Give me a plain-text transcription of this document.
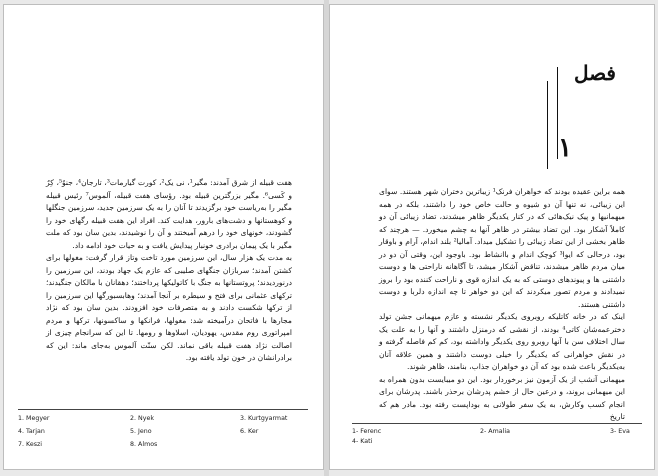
هفت قبیله از شرق آمدند: مگیر¹، نی یک²، کورت گیارمات³، تارجان⁴، جنوٌ⁵، کِرٌ و کَسی⁶. مگیر بزرگترین قبیله بود. رؤسای هفت قبیله، آلموس⁷ رئیس قبیله مگیر را به‌ریاست خود برگزیدند تا آنان را به یک سرزمین جدید، سرزمین جنگلها و کوهستانها و دشت‌های بارور، هدایت کند. افراد این هفت قبیله رگهای خود را گشودند، خونهای خود را درهم آمیختند و آن را نوشیدند، بدین سان بود که ملت مگیر با یک پیمان برادری خونبار پیدایش یافت و به حیات خود ادامه داد.

به مدت یک هزار سال، این سرزمین مورد تاخت وتاز قرار گرفت: مغولها برای کشتن آمدند؛ سربازان جنگهای صلیبی که عازم یک جهاد بودند، این سرزمین را درنوردیدند؛ پروتستانها به جنگ با کاتولیکها پرداختند؛ دهقانان با مالکان جنگیدند؛ ترکهای عثمانی برای فتح و سیطره بر آنجا آمدند؛ وهابسبورگها این سرزمین را از ترکها شکست دادند و به متصرفات خود افزودند. بدین سان بود که نژاد مجارها با فاتحان درآمیخته شد: مغولها، فرانکها و ساکسونها، ترکها و مردم امپراتوری روم مقدس، یهودیان، اسلاوها و رومها. تا این که سرانجام چیزی از اصالت نژاد هفت قبیله باقی نماند. لکن سنّت آلموس به‌جای ماند: این که برادرانشان در خون تولد یافته بود.

1. Megyer	2. Nyek	3. Kurtgyarmat
4. Tarjan	5. Jeno	6. Ker
7. Keszi	8. Almos
فصل
١

همه براین عقیده بودند که خواهران فرنک¹ زیباترین دختران شهر هستند. سوای این زیبائی، نه تنها آن دو شیوه و حالت خاص خود را داشتند، بلکه در همه میهمانیها و پیک نیک‌هائی که در کنار یکدیگر ظاهر میشدند، تضاد زیبائی آن دو کاملاً آشکار بود. این تضاد بیشتر در ظاهر آنها به چشم میخورد. — هرچند که ظاهر بخشی از این تضاد زیبائی را تشکیل میداد. آمالیا² بلند اندام، آرام و باوقار بود، درحالی که ایوا³ کوچک اندام و باانشاط بود. باوجود این، وقتی آن دو در میان مردم ظاهر میشدند، تناقض آشکار میشد، تا آگاهانه ناراحتی ها و دوست داشتنی ها و پیوندهای دوستی که به یک اندازه قوی و ناراحت کننده بود را بروز نمیدادند و مردم تصور میکردند که این دو خواهر تا چه اندازه دلربا و دوست داشتنی هستند.

اینک که در خانه کاتلیکه روبروی یکدیگر نشسته و عازم میهمانی جشن تولد دخترعمه‌شان کاتی⁴ بودند، از نقشی که درمنزل داشتند و آنها را به علت یک سال اختلاف سن با آنها روبرو روی یکدیگر واداشته بود، کم کم فاصله گرفته و در نقش خواهرانی که یکدیگر را خیلی دوست داشتند و همین علاقه آنان به‌یکدیگر باعث شده بود که آن دو خواهران جذاب، بنامند، ظاهر شوند.

میهمانی آنشب از یک آزمون نیز برخوردار بود. این دو میبایست بدون همراه به این میهمانی بروند، و درعین حال از خشم پدرشان برحذر باشند. پدرشان برای انجام کسب وکارش، به یک سفر طولانی به بوداپست رفته بود. مادر هم که تاریخ

1- Ferenc	2- Amalia	3- Eva
4- Kati
